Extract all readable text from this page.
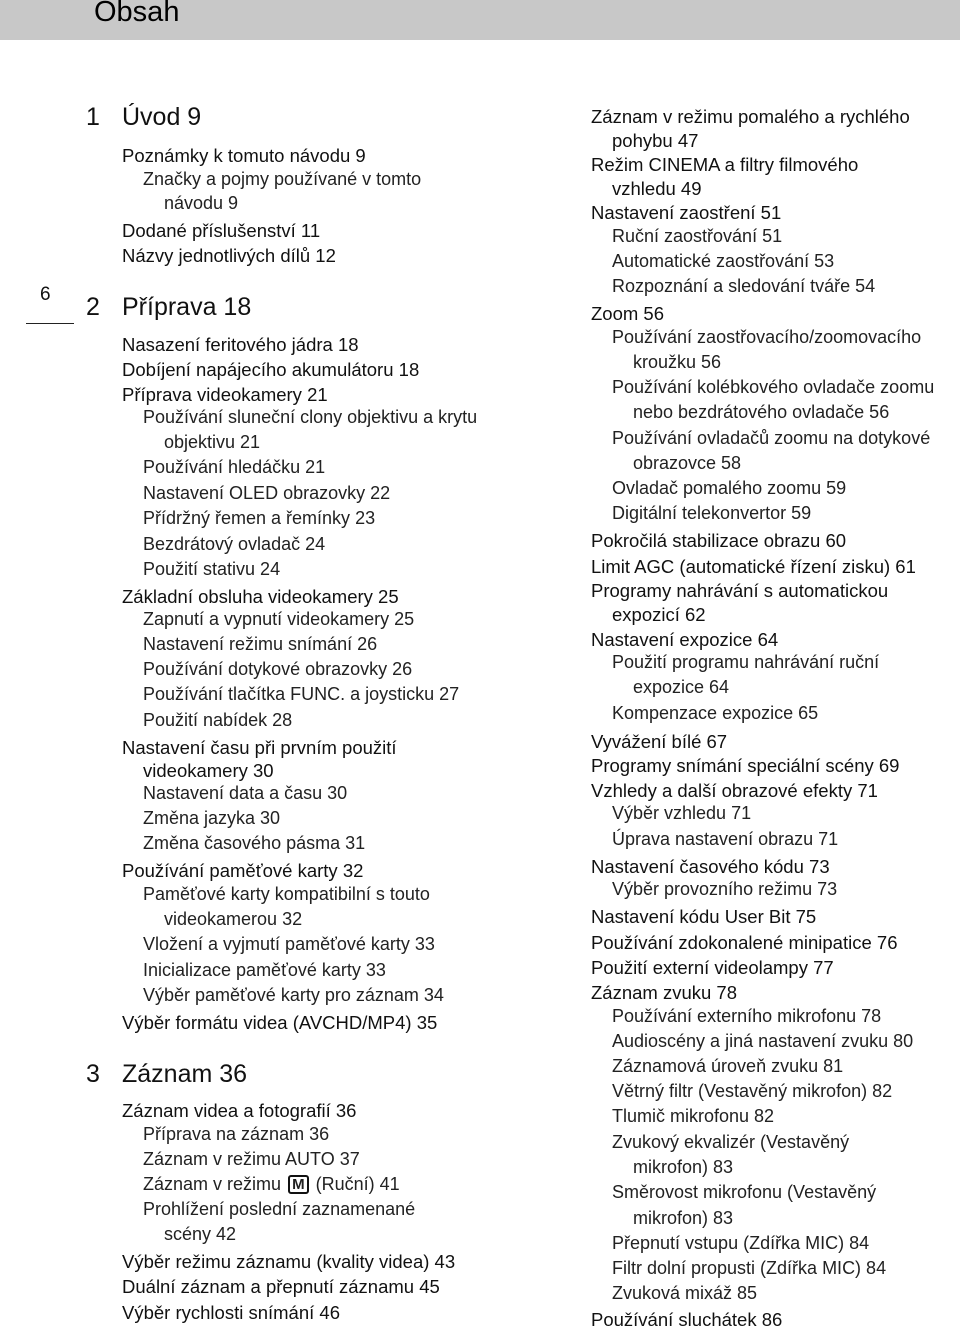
Obsah
6
1 Úvod 9
Poznámky k tomuto návodu 9
Značky a pojmy používané v tomto
návodu 9
Dodané příslušenství 11
Názvy jednotlivých dílů 12
2 Příprava 18
Nasazení feritového jádra 18
Dobíjení napájecího akumulátoru 18
Příprava videokamery 21
Používání sluneční clony objektivu a krytu
objektivu 21
Používání hledáčku 21
Nastavení OLED obrazovky 22
Přídržný řemen a řemínky 23
Bezdrátový ovladač 24
Použití stativu 24
Základní obsluha videokamery 25
Zapnutí a vypnutí videokamery 25
Nastavení režimu snímání 26
Používání dotykové obrazovky 26
Používání tlačítka FUNC. a joysticku 27
Použití nabídek 28
Nastavení času při prvním použití
videokamery 30
Nastavení data a času 30
Změna jazyka 30
Změna časového pásma 31
Používání paměťové karty 32
Paměťové karty kompatibilní s touto
videokamerou 32
Vložení a vyjmutí paměťové karty 33
Inicializace paměťové karty 33
Výběr paměťové karty pro záznam 34
Výběr formátu videa (AVCHD/MP4) 35
3 Záznam 36
Záznam videa a fotografií 36
Příprava na záznam 36
Záznam v režimu AUTO 37
Záznam v režimu M (Ruční) 41
Prohlížení poslední zaznamenané
scény 42
Výběr režimu záznamu (kvality videa) 43
Duální záznam a přepnutí záznamu 45
Výběr rychlosti snímání 46
Záznam v režimu pomalého a rychlého
pohybu 47
Režim CINEMA a filtry filmového
vzhledu 49
Nastavení zaostření 51
Ruční zaostřování 51
Automatické zaostřování 53
Rozpoznání a sledování tváře 54
Zoom 56
Používání zaostřovacího/zoomovacího
kroužku 56
Používání kolébkového ovladače zoomu
nebo bezdrátového ovladače 56
Používání ovladačů zoomu na dotykové
obrazovce 58
Ovladač pomalého zoomu 59
Digitální telekonvertor 59
Pokročilá stabilizace obrazu 60
Limit AGC (automatické řízení zisku) 61
Programy nahrávání s automatickou
expozicí 62
Nastavení expozice 64
Použití programu nahrávání ruční
expozice 64
Kompenzace expozice 65
Vyvážení bílé 67
Programy snímání speciální scény 69
Vzhledy a další obrazové efekty 71
Výběr vzhledu 71
Úprava nastavení obrazu 71
Nastavení časového kódu 73
Výběr provozního režimu 73
Nastavení kódu User Bit 75
Používání zdokonalené minipatice 76
Použití externí videolampy 77
Záznam zvuku 78
Používání externího mikrofonu 78
Audioscény a jiná nastavení zvuku 80
Záznamová úroveň zvuku 81
Větrný filtr (Vestavěný mikrofon) 82
Tlumič mikrofonu 82
Zvukový ekvalizér (Vestavěný
mikrofon) 83
Směrovost mikrofonu (Vestavěný
mikrofon) 83
Přepnutí vstupu (Zdířka MIC) 84
Filtr dolní propusti (Zdířka MIC) 84
Zvuková mixáž 85
Používání sluchátek 86
